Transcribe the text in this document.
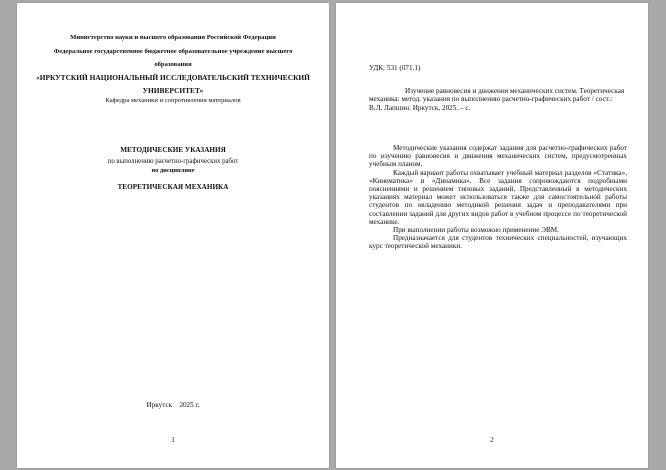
Министерство науки и высшего образования Российской Федерации
Федеральное государственное бюджетное образовательное учреждение высшего
образования
«ИРКУТСКИЙ НАЦИОНАЛЬНЫЙ ИССЛЕДОВАТЕЛЬСКИЙ ТЕХНИЧЕСКИЙ
УНИВЕРСИТЕТ»
Кафедра механики и сопротивления материалов
МЕТОДИЧЕСКИЕ УКАЗАНИЯ
по выполнению расчетно-графических работ
по дисциплине
ТЕОРЕТИЧЕСКАЯ МЕХАНИКА
Иркутск    2025 г.
1
УДК: 531 (071.1)
Изучение равновесия и движения механических систем. Теоретическая механика: метод. указания по выполнению расчетно-графических работ / сост.: В.Л. Лапшин. Иркутск, 2025. – с.

Методические указания содержат задания для расчетно-графических работ по изучению равновесия и движения механических систем, предусмотренных учебным планом.

Каждый вариант работы охватывает учебный материал разделов «Статика», «Кинематика» и «Динамика». Все задания сопровождаются подробными пояснениями и решением типовых заданий. Представленный в методических указаниях материал может использоваться также для самостоятельной работы студентов по овладению методикой решения задач и преподавателями при составлении заданий для других видов работ в учебном процессе по теоретической механике.

При выполнении работы возможно применение ЭВМ.

Предназначается для студентов технических специальностей, изучающих курс теоретической механики.

2
